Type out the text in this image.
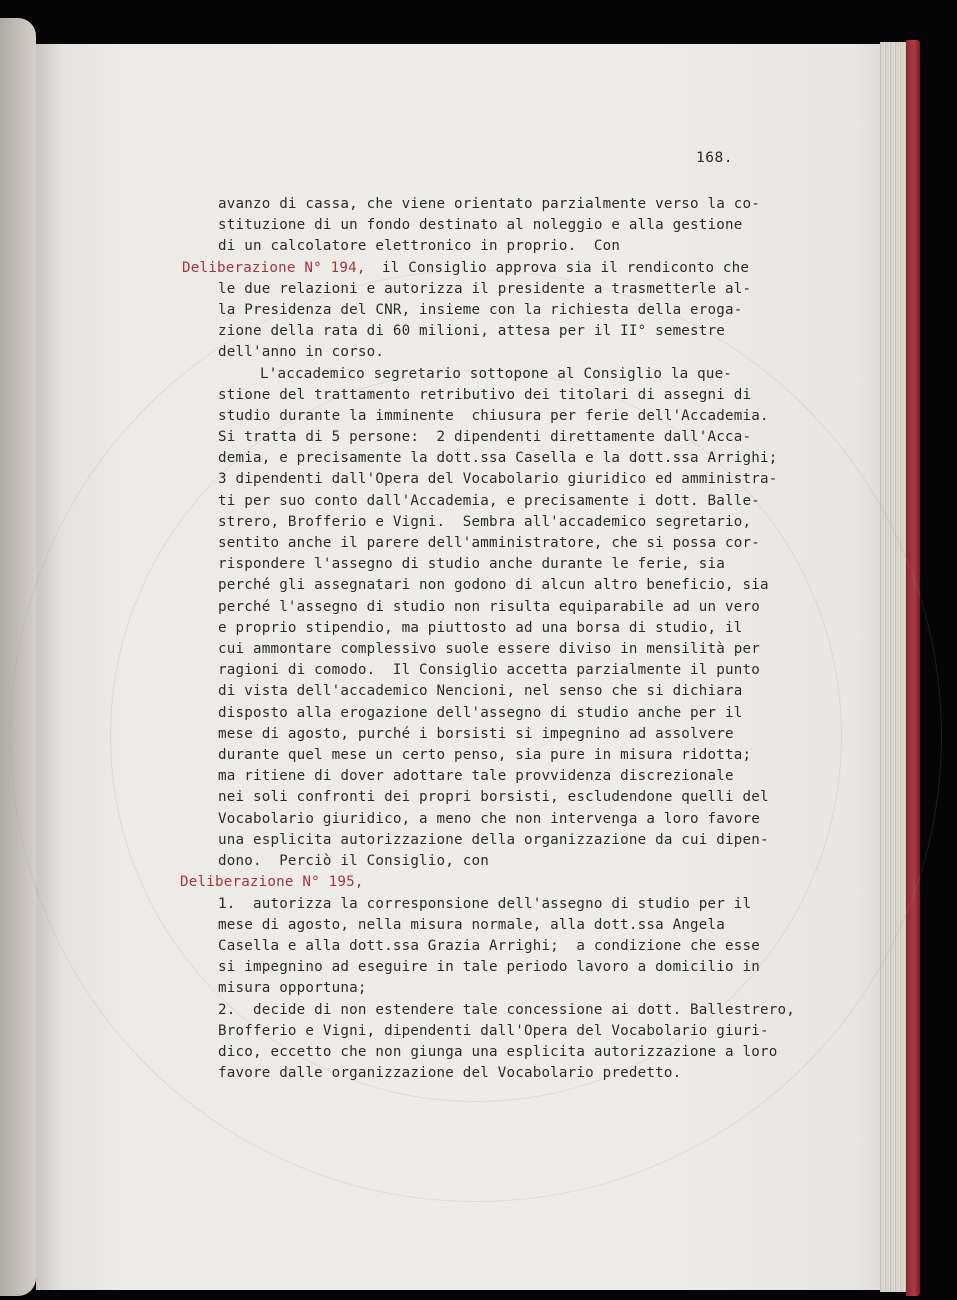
168.
Deliberazione N° 194,
Deliberazione N° 195,
avanzo di cassa, che viene orientato parzialmente verso la co-
stituzione di un fondo destinato al noleggio e alla gestione
di un calcolatore elettronico in proprio.  Con
il Consiglio approva sia il rendiconto che
le due relazioni e autorizza il presidente a trasmetterle al-
la Presidenza del CNR, insieme con la richiesta della eroga-
zione della rata di 60 milioni, attesa per il II° semestre
dell'anno in corso.
L'accademico segretario sottopone al Consiglio la que-
stione del trattamento retributivo dei titolari di assegni di
studio durante la imminente  chiusura per ferie dell'Accademia.
Si tratta di 5 persone:  2 dipendenti direttamente dall'Acca-
demia, e precisamente la dott.ssa Casella e la dott.ssa Arrighi;
3 dipendenti dall'Opera del Vocabolario giuridico ed amministra-
ti per suo conto dall'Accademia, e precisamente i dott. Balle-
strero, Brofferio e Vigni.  Sembra all'accademico segretario,
sentito anche il parere dell'amministratore, che si possa cor-
rispondere l'assegno di studio anche durante le ferie, sia
perché gli assegnatari non godono di alcun altro beneficio, sia
perché l'assegno di studio non risulta equiparabile ad un vero
e proprio stipendio, ma piuttosto ad una borsa di studio, il
cui ammontare complessivo suole essere diviso in mensilità per
ragioni di comodo.  Il Consiglio accetta parzialmente il punto
di vista dell'accademico Nencioni, nel senso che si dichiara
disposto alla erogazione dell'assegno di studio anche per il
mese di agosto, purché i borsisti si impegnino ad assolvere
durante quel mese un certo penso, sia pure in misura ridotta;
ma ritiene di dover adottare tale provvidenza discrezionale
nei soli confronti dei propri borsisti, escludendone quelli del
Vocabolario giuridico, a meno che non intervenga a loro favore
una esplicita autorizzazione della organizzazione da cui dipen-
dono.  Perciò il Consiglio, con
1.  autorizza la corresponsione dell'assegno di studio per il
mese di agosto, nella misura normale, alla dott.ssa Angela
Casella e alla dott.ssa Grazia Arrighi;  a condizione che esse
si impegnino ad eseguire in tale periodo lavoro a domicilio in
misura opportuna;
2.  decide di non estendere tale concessione ai dott. Ballestrero,
Brofferio e Vigni, dipendenti dall'Opera del Vocabolario giuri-
dico, eccetto che non giunga una esplicita autorizzazione a loro
favore dalle organizzazione del Vocabolario predetto.
